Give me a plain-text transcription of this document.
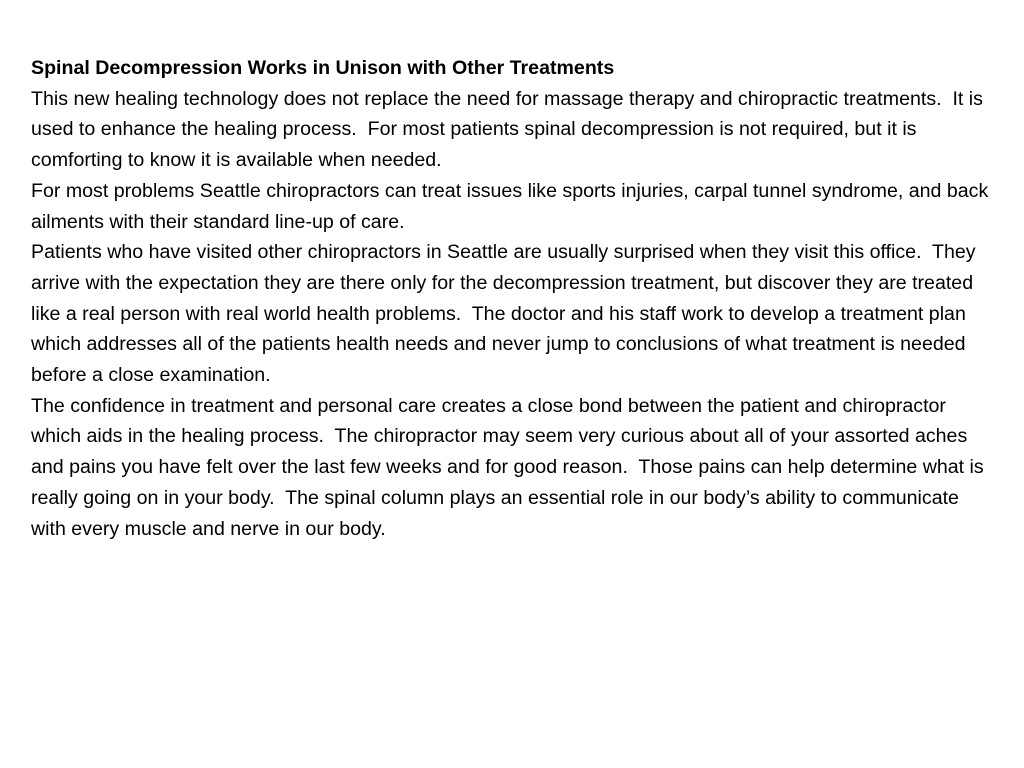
Spinal Decompression Works in Unison with Other Treatments

This new healing technology does not replace the need for massage therapy and chiropractic treatments.  It is used to enhance the healing process.  For most patients spinal decompression is not required, but it is comforting to know it is available when needed.

For most problems Seattle chiropractors can treat issues like sports injuries, carpal tunnel syndrome, and back ailments with their standard line-up of care.

Patients who have visited other chiropractors in Seattle are usually surprised when they visit this office.  They arrive with the expectation they are there only for the decompression treatment, but discover they are treated like a real person with real world health problems.  The doctor and his staff work to develop a treatment plan which addresses all of the patients health needs and never jump to conclusions of what treatment is needed before a close examination.

The confidence in treatment and personal care creates a close bond between the patient and chiropractor which aids in the healing process.  The chiropractor may seem very curious about all of your assorted aches and pains you have felt over the last few weeks and for good reason.  Those pains can help determine what is really going on in your body.  The spinal column plays an essential role in our body’s ability to communicate with every muscle and nerve in our body.
